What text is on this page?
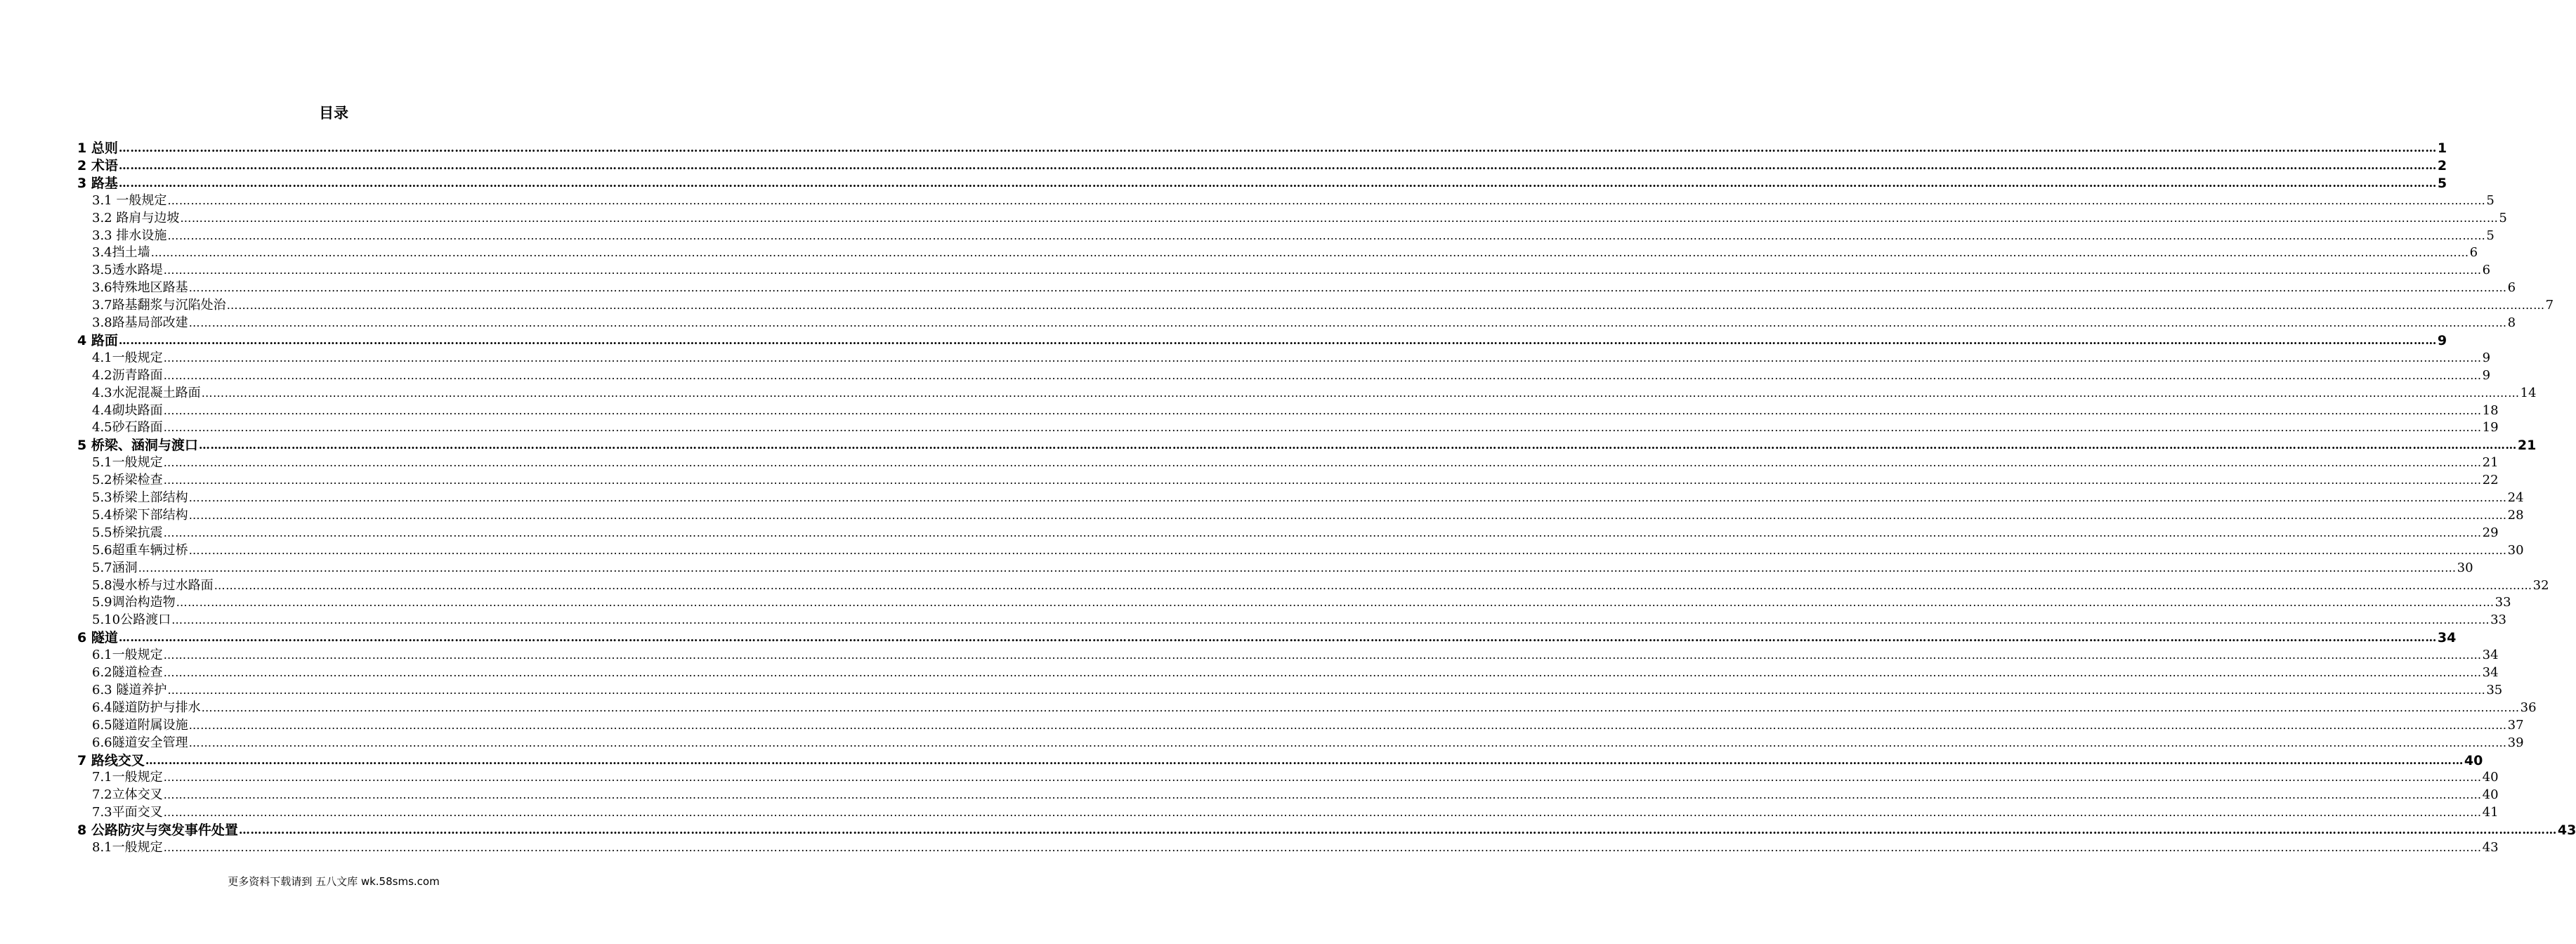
目录
1 总则 …………………………………………………………………………………………………………………………………………………………………………………………………………………………………………………………………………………………………………………………………………………………………………………………………………………………………………………………………………………………………………………………………………………… 1
2 术语 …………………………………………………………………………………………………………………………………………………………………………………………………………………………………………………………………………………………………………………………………………………………………………………………………………………………………………………………………………………………………………………………………………………… 2
3 路基 …………………………………………………………………………………………………………………………………………………………………………………………………………………………………………………………………………………………………………………………………………………………………………………………………………………………………………………………………………………………………………………………………………………… 5
3.1 一般规定 …………………………………………………………………………………………………………………………………………………………………………………………………………………………………………………………………………………………………………………………………………………………………………………………………………………………………………………………………………………………………………………………………………………… 5
3.2 路肩与边坡 …………………………………………………………………………………………………………………………………………………………………………………………………………………………………………………………………………………………………………………………………………………………………………………………………………………………………………………………………………………………………………………………………………………… 5
3.3 排水设施 …………………………………………………………………………………………………………………………………………………………………………………………………………………………………………………………………………………………………………………………………………………………………………………………………………………………………………………………………………………………………………………………………………………… 5
3.4挡土墙 …………………………………………………………………………………………………………………………………………………………………………………………………………………………………………………………………………………………………………………………………………………………………………………………………………………………………………………………………………………………………………………………………………………… 6
3.5透水路堤 …………………………………………………………………………………………………………………………………………………………………………………………………………………………………………………………………………………………………………………………………………………………………………………………………………………………………………………………………………………………………………………………………………………… 6
3.6特殊地区路基 …………………………………………………………………………………………………………………………………………………………………………………………………………………………………………………………………………………………………………………………………………………………………………………………………………………………………………………………………………………………………………………………………………………… 6
3.7路基翻浆与沉陷处治 …………………………………………………………………………………………………………………………………………………………………………………………………………………………………………………………………………………………………………………………………………………………………………………………………………………………………………………………………………………………………………………………………………………… 7
3.8路基局部改建 …………………………………………………………………………………………………………………………………………………………………………………………………………………………………………………………………………………………………………………………………………………………………………………………………………………………………………………………………………………………………………………………………………………… 8
4 路面 …………………………………………………………………………………………………………………………………………………………………………………………………………………………………………………………………………………………………………………………………………………………………………………………………………………………………………………………………………………………………………………………………………………… 9
4.1一般规定 …………………………………………………………………………………………………………………………………………………………………………………………………………………………………………………………………………………………………………………………………………………………………………………………………………………………………………………………………………………………………………………………………………………… 9
4.2沥青路面 …………………………………………………………………………………………………………………………………………………………………………………………………………………………………………………………………………………………………………………………………………………………………………………………………………………………………………………………………………………………………………………………………………………… 9
4.3水泥混凝土路面 …………………………………………………………………………………………………………………………………………………………………………………………………………………………………………………………………………………………………………………………………………………………………………………………………………………………………………………………………………………………………………………………………………………… 14
4.4砌块路面 …………………………………………………………………………………………………………………………………………………………………………………………………………………………………………………………………………………………………………………………………………………………………………………………………………………………………………………………………………………………………………………………………………………… 18
4.5砂石路面 …………………………………………………………………………………………………………………………………………………………………………………………………………………………………………………………………………………………………………………………………………………………………………………………………………………………………………………………………………………………………………………………………………………… 19
5 桥梁、涵洞与渡口 …………………………………………………………………………………………………………………………………………………………………………………………………………………………………………………………………………………………………………………………………………………………………………………………………………………………………………………………………………………………………………………………………………………… 21
5.1一般规定 …………………………………………………………………………………………………………………………………………………………………………………………………………………………………………………………………………………………………………………………………………………………………………………………………………………………………………………………………………………………………………………………………………………… 21
5.2桥梁检查 …………………………………………………………………………………………………………………………………………………………………………………………………………………………………………………………………………………………………………………………………………………………………………………………………………………………………………………………………………………………………………………………………………………… 22
5.3桥梁上部结构 …………………………………………………………………………………………………………………………………………………………………………………………………………………………………………………………………………………………………………………………………………………………………………………………………………………………………………………………………………………………………………………………………………………… 24
5.4桥梁下部结构 …………………………………………………………………………………………………………………………………………………………………………………………………………………………………………………………………………………………………………………………………………………………………………………………………………………………………………………………………………………………………………………………………………………… 28
5.5桥梁抗震 …………………………………………………………………………………………………………………………………………………………………………………………………………………………………………………………………………………………………………………………………………………………………………………………………………………………………………………………………………………………………………………………………………………… 29
5.6超重车辆过桥 …………………………………………………………………………………………………………………………………………………………………………………………………………………………………………………………………………………………………………………………………………………………………………………………………………………………………………………………………………………………………………………………………………………… 30
5.7涵洞 …………………………………………………………………………………………………………………………………………………………………………………………………………………………………………………………………………………………………………………………………………………………………………………………………………………………………………………………………………………………………………………………………………………… 30
5.8漫水桥与过水路面 …………………………………………………………………………………………………………………………………………………………………………………………………………………………………………………………………………………………………………………………………………………………………………………………………………………………………………………………………………………………………………………………………………………… 32
5.9调治构造物 …………………………………………………………………………………………………………………………………………………………………………………………………………………………………………………………………………………………………………………………………………………………………………………………………………………………………………………………………………………………………………………………………………………… 33
5.10公路渡口 …………………………………………………………………………………………………………………………………………………………………………………………………………………………………………………………………………………………………………………………………………………………………………………………………………………………………………………………………………………………………………………………………………………… 33
6 隧道 …………………………………………………………………………………………………………………………………………………………………………………………………………………………………………………………………………………………………………………………………………………………………………………………………………………………………………………………………………………………………………………………………………………… 34
6.1一般规定 …………………………………………………………………………………………………………………………………………………………………………………………………………………………………………………………………………………………………………………………………………………………………………………………………………………………………………………………………………………………………………………………………………………… 34
6.2隧道检查 …………………………………………………………………………………………………………………………………………………………………………………………………………………………………………………………………………………………………………………………………………………………………………………………………………………………………………………………………………………………………………………………………………………… 34
6.3 隧道养护 …………………………………………………………………………………………………………………………………………………………………………………………………………………………………………………………………………………………………………………………………………………………………………………………………………………………………………………………………………………………………………………………………………………… 35
6.4隧道防护与排水 …………………………………………………………………………………………………………………………………………………………………………………………………………………………………………………………………………………………………………………………………………………………………………………………………………………………………………………………………………………………………………………………………………………… 36
6.5隧道附属设施 …………………………………………………………………………………………………………………………………………………………………………………………………………………………………………………………………………………………………………………………………………………………………………………………………………………………………………………………………………………………………………………………………………………… 37
6.6隧道安全管理 …………………………………………………………………………………………………………………………………………………………………………………………………………………………………………………………………………………………………………………………………………………………………………………………………………………………………………………………………………………………………………………………………………………… 39
7 路线交叉 …………………………………………………………………………………………………………………………………………………………………………………………………………………………………………………………………………………………………………………………………………………………………………………………………………………………………………………………………………………………………………………………………………………… 40
7.1一般规定 …………………………………………………………………………………………………………………………………………………………………………………………………………………………………………………………………………………………………………………………………………………………………………………………………………………………………………………………………………………………………………………………………………………… 40
7.2立体交叉 …………………………………………………………………………………………………………………………………………………………………………………………………………………………………………………………………………………………………………………………………………………………………………………………………………………………………………………………………………………………………………………………………………………… 40
7.3平面交叉 …………………………………………………………………………………………………………………………………………………………………………………………………………………………………………………………………………………………………………………………………………………………………………………………………………………………………………………………………………………………………………………………………………………… 41
8 公路防灾与突发事件处置 …………………………………………………………………………………………………………………………………………………………………………………………………………………………………………………………………………………………………………………………………………………………………………………………………………………………………………………………………………………………………………………………………………………… 43
8.1一般规定 …………………………………………………………………………………………………………………………………………………………………………………………………………………………………………………………………………………………………………………………………………………………………………………………………………………………………………………………………………………………………………………………………………………… 43
更多资料下载请到 五八文库 wk.58sms.com
